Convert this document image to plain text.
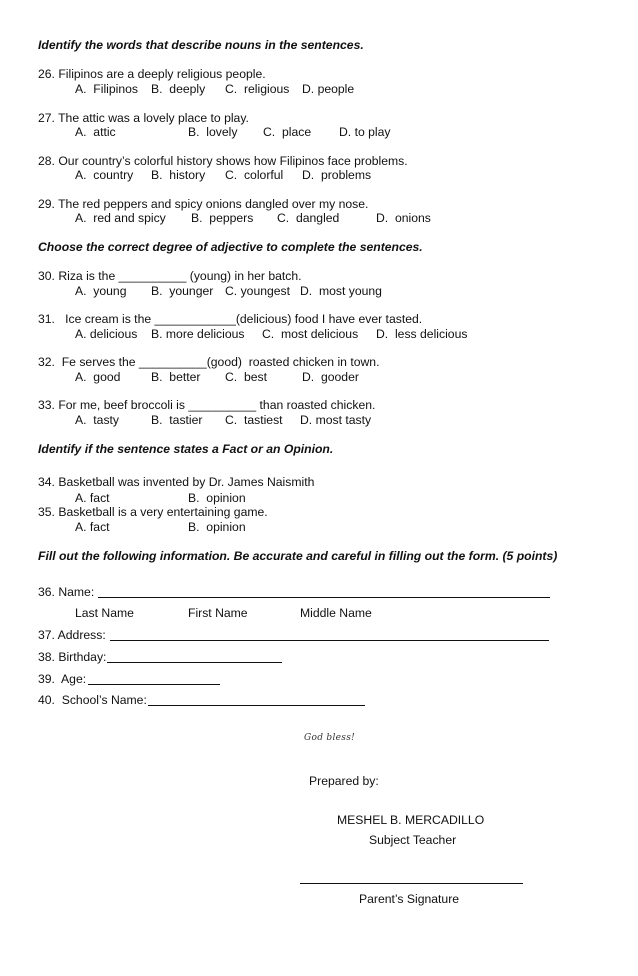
Identify the words that describe nouns in the sentences.
26. Filipinos are a deeply religious people.
A.  Filipinos B.  deeply C.  religious D. people
27. The attic was a lovely place to play.
A.  attic	B.  lovely C.  place D. to play
28. Our country’s colorful history shows how Filipinos face problems.
A.  country B.  history C.  colorful D.  problems
29. The red peppers and spicy onions dangled over my nose.
A.  red and spicy B.  peppers C.  dangled	D.  onions
Choose the correct degree of adjective to complete the sentences.
30. Riza is the __________ (young) in her batch.
A.  young B.  younger C. youngest D.  most young
31.   Ice cream is the ____________(delicious) food I have ever tasted.
A. delicious B. more delicious C.  most delicious D.  less delicious
32.  Fe serves the __________(good)  roasted chicken in town.
A.  good	B.  better C.  best	D.  gooder
33. For me, beef broccoli is __________ than roasted chicken.
A.  tasty	B.  tastier C.  tastiest D. most tasty
Identify if the sentence states a Fact or an Opinion.
34. Basketball was invented by Dr. James Naismith
A. fact	B.  opinion
35. Basketball is a very entertaining game.
A. fact	B.  opinion
Fill out the following information. Be accurate and careful in filling out the form. (5 points)
36. Name:
Last Name	First Name	Middle Name
37. Address:
38. Birthday:
39.  Age:
40.  School’s Name:
God bless!
Prepared by:
MESHEL B. MERCADILLO
Subject Teacher
Parent’s Signature
